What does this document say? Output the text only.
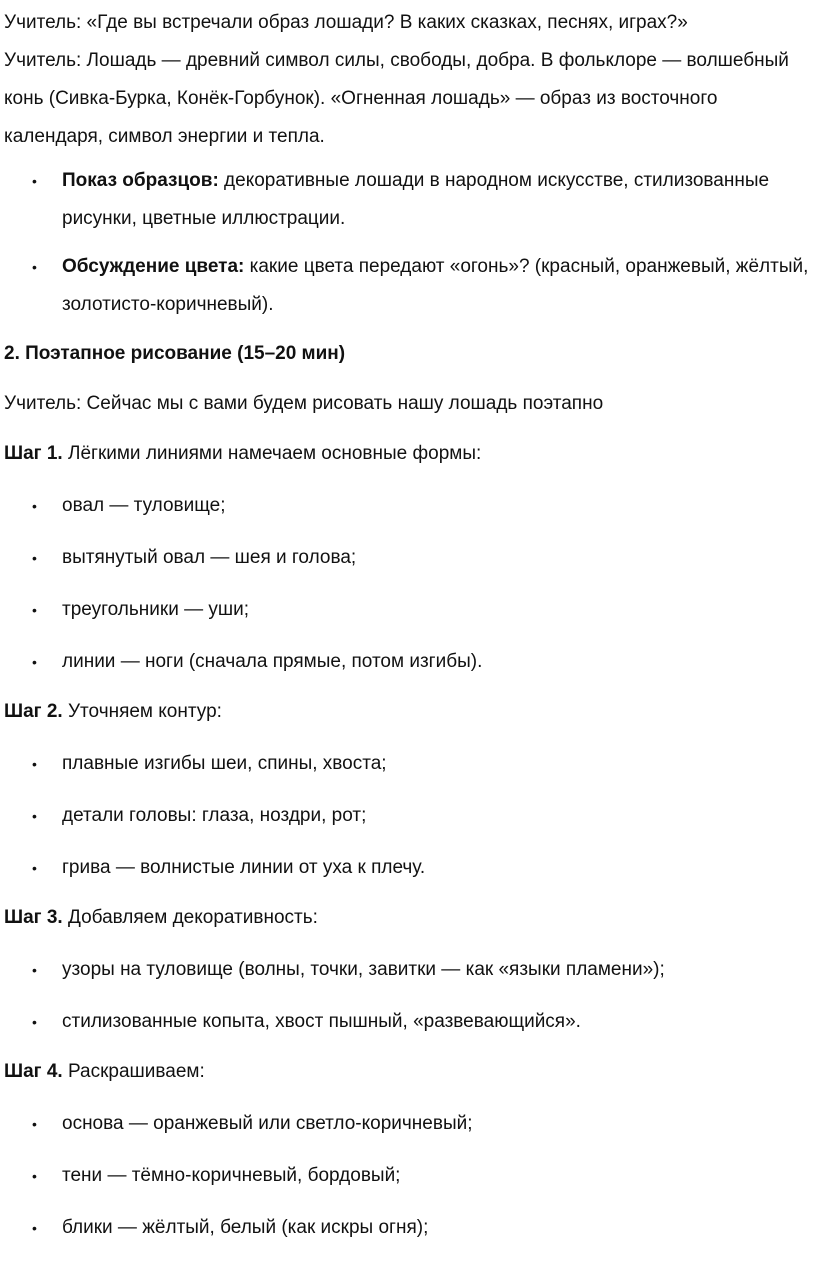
Учитель: «Где вы встречали образ лошади? В каких сказках, песнях, играх?»

Учитель: Лошадь — древний символ силы, свободы, добра. В фольклоре — волшебный конь (Сивка-Бурка, Конёк-Горбунок). «Огненная лошадь» — образ из восточного календаря, символ энергии и тепла.

• Показ образцов: декоративные лошади в народном искусстве, стилизованные рисунки, цветные иллюстрации.
• Обсуждение цвета: какие цвета передают «огонь»? (красный, оранжевый, жёлтый, золотисто-коричневый).

2. Поэтапное рисование (15–20 мин)

Учитель: Сейчас мы с вами будем рисовать нашу лошадь поэтапно

Шаг 1. Лёгкими линиями намечаем основные формы:

• овал — туловище;
• вытянутый овал — шея и голова;
• треугольники — уши;
• линии — ноги (сначала прямые, потом изгибы).

Шаг 2. Уточняем контур:

• плавные изгибы шеи, спины, хвоста;
• детали головы: глаза, ноздри, рот;
• грива — волнистые линии от уха к плечу.

Шаг 3. Добавляем декоративность:

• узоры на туловище (волны, точки, завитки — как «языки пламени»);
• стилизованные копыта, хвост пышный, «развевающийся».

Шаг 4. Раскрашиваем:

• основа — оранжевый или светло-коричневый;
• тени — тёмно-коричневый, бордовый;
• блики — жёлтый, белый (как искры огня);
